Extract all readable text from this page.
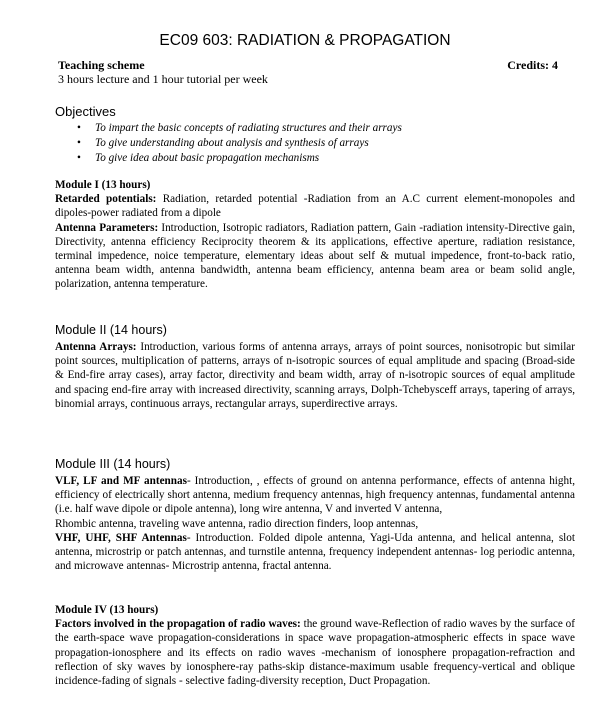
EC09 603: RADIATION & PROPAGATION
Teaching scheme	Credits: 4
3 hours lecture and 1 hour tutorial per week
Objectives
• To impart the basic concepts of radiating structures and their arrays
• To give understanding about analysis and synthesis of arrays
• To give idea about basic propagation mechanisms

Module I (13 hours)

Retarded potentials: Radiation, retarded potential -Radiation from an A.C current element-monopoles and dipoles-power radiated from a dipole

Antenna Parameters: Introduction, Isotropic radiators, Radiation pattern, Gain -radiation intensity-Directive gain, Directivity, antenna efficiency Reciprocity theorem & its applications, effective aperture, radiation resistance, terminal impedence, noice temperature, elementary ideas about self & mutual impedence, front-to-back ratio, antenna beam width, antenna bandwidth, antenna beam efficiency, antenna beam area or beam solid angle, polarization, antenna temperature.

Module II (14 hours)

Antenna Arrays: Introduction, various forms of antenna arrays, arrays of point sources, nonisotropic but similar point sources, multiplication of patterns, arrays of n-isotropic sources of equal amplitude and spacing (Broad-side & End-fire array cases), array factor, directivity and beam width, array of n-isotropic sources of equal amplitude and spacing end-fire array with increased directivity, scanning arrays, Dolph-Tchebysceff arrays, tapering of arrays, binomial arrays, continuous arrays, rectangular arrays, superdirective arrays.

Module III (14 hours)

VLF, LF and MF antennas- Introduction, , effects of ground on antenna performance, effects of antenna hight, efficiency of electrically short antenna, medium frequency antennas, high frequency antennas, fundamental antenna (i.e. half wave dipole or dipole antenna), long wire antenna, V and inverted V antenna,

Rhombic antenna, traveling wave antenna, radio direction finders, loop antennas,

VHF, UHF, SHF Antennas- Introduction. Folded dipole antenna, Yagi-Uda antenna, and helical antenna, slot antenna, microstrip or patch antennas, and turnstile antenna, frequency independent antennas- log periodic antenna, and microwave antennas- Microstrip antenna, fractal antenna.

Module IV (13 hours)

Factors involved in the propagation of radio waves: the ground wave-Reflection of radio waves by the surface of the earth-space wave propagation-considerations in space wave propagation-atmospheric effects in space wave propagation-ionosphere and its effects on radio waves -mechanism of ionosphere propagation-refraction and reflection of sky waves by ionosphere-ray paths-skip distance-maximum usable frequency-vertical and oblique incidence-fading of signals - selective fading-diversity reception, Duct Propagation.
